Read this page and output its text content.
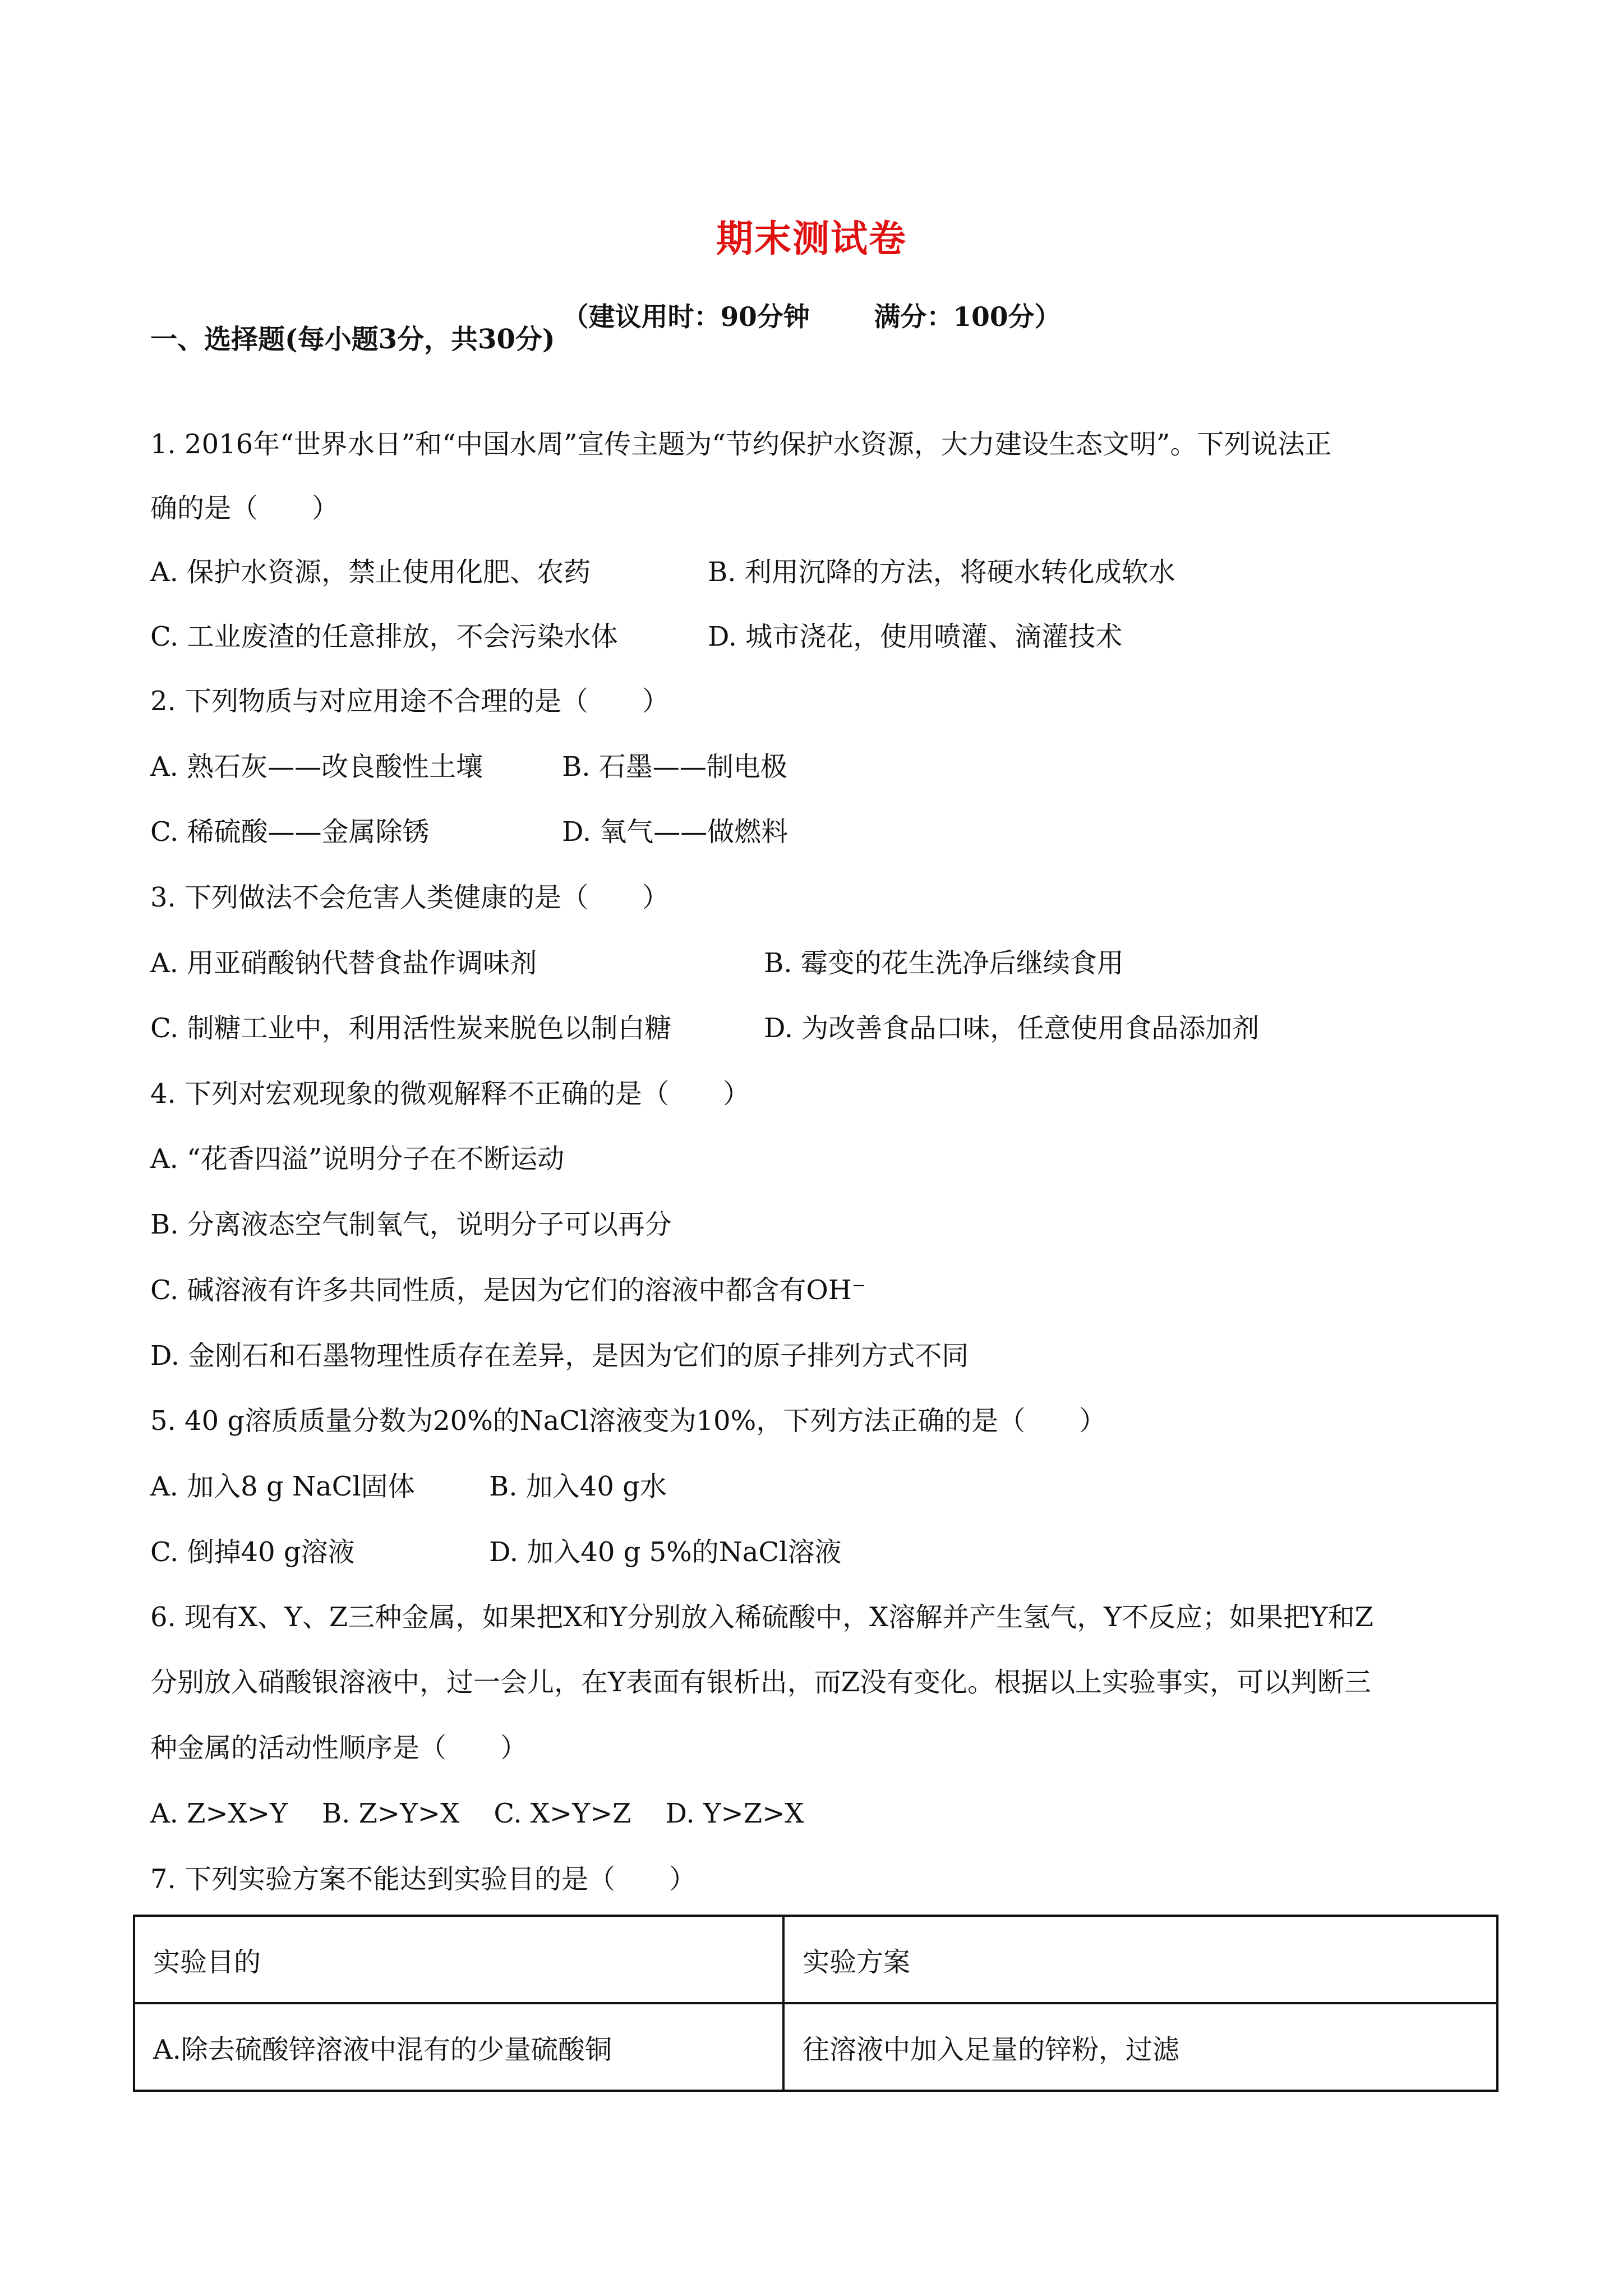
期末测试卷
（建议用时：90分钟       满分：100分）
一、选择题(每小题3分，共30分)
1. 2016年“世界水日”和“中国水周”宣传主题为“节约保护水资源，大力建设生态文明”。下列说法正
确的是（　　）
A. 保护水资源，禁止使用化肥、农药	B. 利用沉降的方法，将硬水转化成软水
C. 工业废渣的任意排放，不会污染水体	D. 城市浇花，使用喷灌、滴灌技术
2. 下列物质与对应用途不合理的是（　　）
A. 熟石灰——改良酸性土壤	B. 石墨——制电极
C. 稀硫酸——金属除锈	D. 氧气——做燃料
3. 下列做法不会危害人类健康的是（　　）
A. 用亚硝酸钠代替食盐作调味剂	B. 霉变的花生洗净后继续食用
C. 制糖工业中，利用活性炭来脱色以制白糖	D. 为改善食品口味，任意使用食品添加剂
4. 下列对宏观现象的微观解释不正确的是（　　）
A. “花香四溢”说明分子在不断运动
B. 分离液态空气制氧气，说明分子可以再分
C. 碱溶液有许多共同性质，是因为它们的溶液中都含有OH⁻
D. 金刚石和石墨物理性质存在差异，是因为它们的原子排列方式不同
5. 40 g溶质质量分数为20%的NaCl溶液变为10%，下列方法正确的是（　　）
A. 加入8 g NaCl固体	B. 加入40 g水
C. 倒掉40 g溶液	D. 加入40 g 5%的NaCl溶液
6. 现有X、Y、Z三种金属，如果把X和Y分别放入稀硫酸中，X溶解并产生氢气，Y不反应；如果把Y和Z
分别放入硝酸银溶液中，过一会儿，在Y表面有银析出，而Z没有变化。根据以上实验事实，可以判断三
种金属的活动性顺序是（　　）
A. Z>X>Y    B. Z>Y>X    C. X>Y>Z    D. Y>Z>X
7. 下列实验方案不能达到实验目的是（　　）
实验目的	实验方案
A.除去硫酸锌溶液中混有的少量硫酸铜	往溶液中加入足量的锌粉，过滤
